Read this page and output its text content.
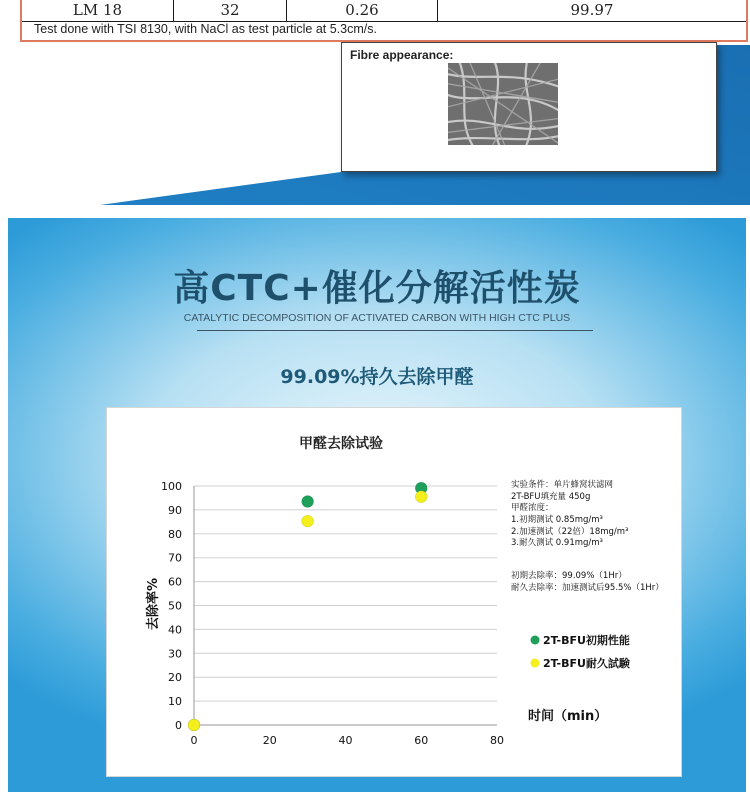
LM 18	32	0.26	99.97
Test done with TSI 8130, with NaCl as test particle at 5.3cm/s.
Fibre appearance:
高CTC+催化分解活性炭
CATALYTIC DECOMPOSITION OF ACTIVATED CARBON WITH HIGH CTC PLUS
99.09%持久去除甲醛
甲醛去除试验
0
10
20
30
40
50
60
70
80
90
100
0	20	40	60	80
去除率%
时间（min）
实验条件：单片蜂窝状滤网
2T-BFU填充量 450g
甲醛浓度：
1.初期测试 0.85mg/m³
2.加速测试（22倍）18mg/m³
3.耐久测试 0.91mg/m³
初期去除率：99.09%（1Hr）
耐久去除率：加速测试后95.5%（1Hr）
2T-BFU初期性能
2T-BFU耐久試験
